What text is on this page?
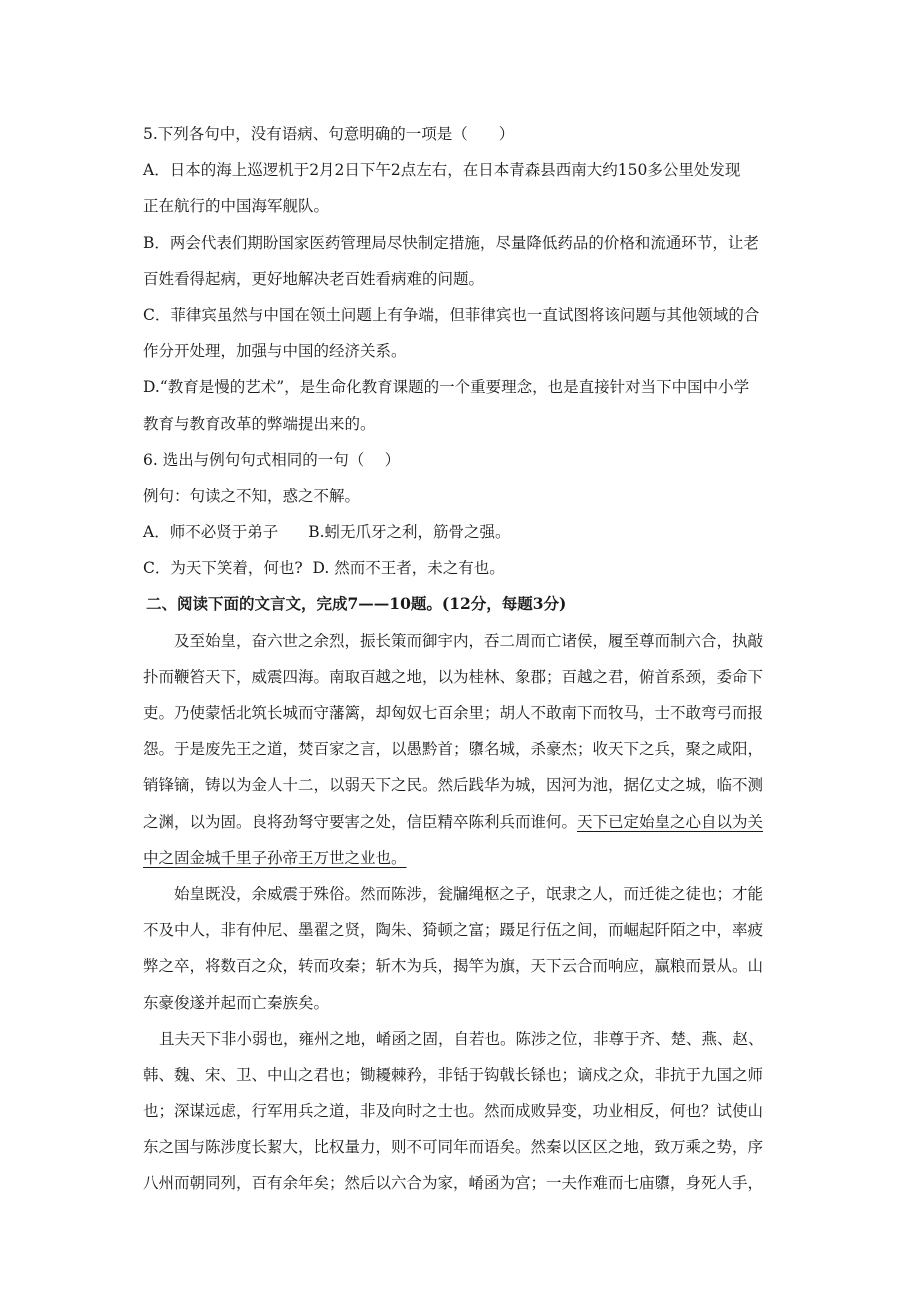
5.下列各句中，没有语病、句意明确的一项是（　　）
A．日本的海上巡逻机于2月2日下午2点左右，在日本青森县西南大约150多公里处发现
正在航行的中国海军舰队。
B．两会代表们期盼国家医药管理局尽快制定措施，尽量降低药品的价格和流通环节，让老
百姓看得起病，更好地解决老百姓看病难的问题。
C．菲律宾虽然与中国在领土问题上有争端，但菲律宾也一直试图将该问题与其他领域的合
作分开处理，加强与中国的经济关系。
D.“教育是慢的艺术”，是生命化教育课题的一个重要理念，也是直接针对当下中国中小学
教育与教育改革的弊端提出来的。
6. 选出与例句句式相同的一句（　 ）
例句：句读之不知，惑之不解。
A．师不必贤于弟子 B.蚓无爪牙之利，筋骨之强。
C．为天下笑着，何也? D. 然而不王者，未之有也。
二、阅读下面的文言文，完成7——10题。(12分，每题3分)
及至始皇，奋六世之余烈，振长策而御宇内，吞二周而亡诸侯，履至尊而制六合，执敲
扑而鞭笞天下，威震四海。南取百越之地，以为桂林、象郡；百越之君，俯首系颈，委命下
吏。乃使蒙恬北筑长城而守藩篱，却匈奴七百余里；胡人不敢南下而牧马，士不敢弯弓而报
怨。于是废先王之道，焚百家之言，以愚黔首；隳名城，杀豪杰；收天下之兵，聚之咸阳，
销锋镝，铸以为金人十二，以弱天下之民。然后践华为城，因河为池，据亿丈之城，临不测
之渊，以为固。良将劲弩守要害之处，信臣精卒陈利兵而谁何。天下已定始皇之心自以为关
中之固金城千里子孙帝王万世之业也。
始皇既没，余威震于殊俗。然而陈涉，瓮牖绳枢之子，氓隶之人，而迁徙之徒也；才能
不及中人，非有仲尼、墨翟之贤，陶朱、猗顿之富；蹑足行伍之间，而崛起阡陌之中，率疲
弊之卒，将数百之众，转而攻秦；斩木为兵，揭竿为旗，天下云合而响应，赢粮而景从。山
东豪俊遂并起而亡秦族矣。
且夫天下非小弱也，雍州之地，崤函之固，自若也。陈涉之位，非尊于齐、楚、燕、赵、
韩、魏、宋、卫、中山之君也；锄耰棘矜，非铦于钩戟长铩也；谪戍之众，非抗于九国之师
也；深谋远虑，行军用兵之道，非及向时之士也。然而成败异变，功业相反，何也？试使山
东之国与陈涉度长絜大，比权量力，则不可同年而语矣。然秦以区区之地，致万乘之势，序
八州而朝同列，百有余年矣；然后以六合为家，崤函为宫；一夫作难而七庙隳，身死人手，
